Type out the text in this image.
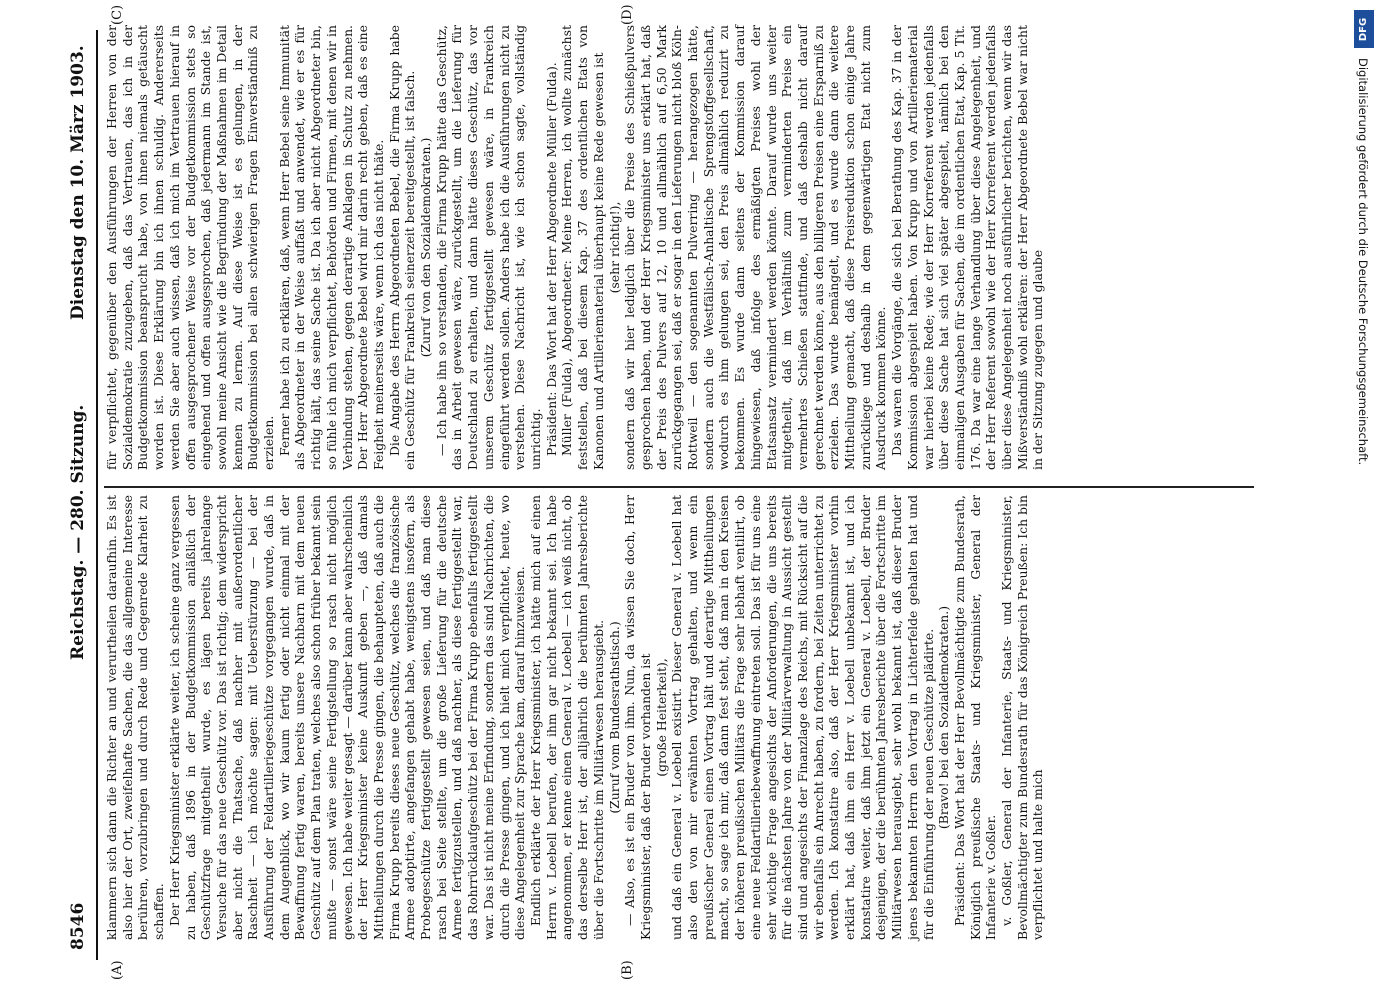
8546
Reichstag. — 280. Sitzung.
Dienstag den 10. März 1903.
(A)	(B)
(C)	(D)

klammern sich dann die Richter an und verurtheilen daraufhin. Es ist also hier der Ort, zweifelhafte Sachen, die das allgemeine Interesse berühren, vorzubringen und durch Rede und Gegenrede Klarheit zu schaffen. Der Herr Kriegsminister erklärte weiter, ich scheine ganz vergessen zu haben, daß 1896 in der Budgetkommission anläßlich der Geschützfrage mitgetheilt wurde, es lägen bereits jahrelange Versuche für das neue Geschütz vor. Das ist richtig; dem widerspricht aber nicht die Thatsache, daß nachher mit außerordentlicher Raschheit — ich möchte sagen: mit Ueberstürzung — bei der Ausführung der Feldartilleriegeschütze vorgegangen wurde, daß in dem Augenblick, wo wir kaum fertig oder nicht einmal mit der Bewaffnung fertig waren, bereits unsere Nachbarn mit dem neuen Geschütz auf dem Plan traten, welches also schon früher bekannt sein mußte — sonst wäre seine Fertigstellung so rasch nicht möglich gewesen. Ich habe weiter gesagt — darüber kann aber wahrscheinlich der Herr Kriegsminister keine Auskunft geben —, daß damals Mittheilungen durch die Presse gingen, die behaupteten, daß auch die Firma Krupp bereits dieses neue Geschütz, welches die französische Armee adoptirte, angefangen gehabt habe, wenigstens insofern, als Probegeschütze fertiggestellt gewesen seien, und daß man diese rasch bei Seite stellte, um die große Lieferung für die deutsche Armee fertigzustellen, und daß nachher, als diese fertiggestellt war, das Rohrrücklaufgeschütz bei der Firma Krupp ebenfalls fertiggestellt war. Das ist nicht meine Erfindung, sondern das sind Nachrichten, die durch die Presse gingen, und ich hielt mich verpflichtet, heute, wo diese Angelegenheit zur Sprache kam, darauf hinzuweisen. Endlich erklärte der Herr Kriegsminister, ich hätte mich auf einen Herrn v. Loebell berufen, der ihm gar nicht bekannt sei. Ich habe angenommen, er kenne einen General v. Loebell — ich weiß nicht, ob das derselbe Herr ist, der alljährlich die berühmten Jahresberichte über die Fortschritte im Militärwesen herausgiebt. (Zuruf vom Bundesrathstisch.) — Also, es ist ein Bruder von ihm. Nun, da wissen Sie doch, Herr Kriegsminister, daß der Bruder vorhanden ist (große Heiterkeit), und daß ein General v. Loebell existirt. Dieser General v. Loebell hat also den von mir erwähnten Vortrag gehalten, und wenn ein preußischer General einen Vortrag hält und derartige Mittheilungen macht, so sage ich mir, daß dann fest steht, daß man in den Kreisen der höheren preußischen Militärs die Frage sehr lebhaft ventilirt, ob eine neue Feldartilleriebewaffnung eintreten soll. Das ist für uns eine sehr wichtige Frage angesichts der Anforderungen, die uns bereits für die nächsten Jahre von der Militärverwaltung in Aussicht gestellt sind und angesichts der Finanzlage des Reichs, mit Rücksicht auf die wir ebenfalls ein Anrecht haben, zu fordern, bei Zeiten unterrichtet zu werden. Ich konstatire also, daß der Herr Kriegsminister vorhin erklärt hat, daß ihm ein Herr v. Loebell unbekannt ist, und ich konstatire weiter, daß ihm jetzt ein General v. Loebell, der Bruder desjenigen, der die berühmten Jahresberichte über die Fortschritte im Militärwesen herausgiebt, sehr wohl bekannt ist, daß dieser Bruder jenes bekannten Herrn den Vortrag in Lichterfelde gehalten hat und für die Einführung der neuen Geschütze plädirte. (Bravo! bei den Sozialdemokraten.) Präsident: Das Wort hat der Herr Bevollmächtigte zum Bundesrath, Königlich preußische Staats- und Kriegsminister, General der Infanterie v. Goßler. v. Goßler, General der Infanterie, Staats- und Kriegsminister, Bevollmächtigter zum Bundesrath für das Königreich Preußen: Ich bin verpflichtet und halte mich

für verpflichtet, gegenüber den Ausführungen der Herren von der Sozialdemokratie zuzugeben, daß das Vertrauen, das ich in der Budgetkommission beansprucht habe, von ihnen niemals getäuscht worden ist. Diese Erklärung bin ich ihnen schuldig. Andererseits werden Sie aber auch wissen, daß ich mich im Vertrauen hierauf in offen ausgesprochener Weise vor der Budgetkommission stets so eingehend und offen ausgesprochen, daß jedermann im Stande ist, sowohl meine Ansicht wie die Begründung der Maßnahmen im Detail kennen zu lernen. Auf diese Weise ist es gelungen, in der Budgetkommission bei allen schwierigen Fragen Einverständniß zu erzielen. Ferner habe ich zu erklären, daß, wenn Herr Bebel seine Immunität als Abgeordneter in der Weise auffaßt und anwendet, wie er es für richtig hält, das seine Sache ist. Da ich aber nicht Abgeordneter bin, so fühle ich mich verpflichtet, Behörden und Firmen, mit denen wir in Verbindung stehen, gegen derartige Anklagen in Schutz zu nehmen. Der Herr Abgeordnete Bebel wird mir darin recht geben, daß es eine Feigheit meinerseits wäre, wenn ich das nicht thäte. Die Angabe des Herrn Abgeordneten Bebel, die Firma Krupp habe ein Geschütz für Frankreich seinerzeit bereitgestellt, ist falsch. (Zuruf von den Sozialdemokraten.) — Ich habe ihn so verstanden, die Firma Krupp hätte das Geschütz, das in Arbeit gewesen wäre, zurückgestellt, um die Lieferung für Deutschland zu erhalten, und dann hätte dieses Geschütz, das vor unserem Geschütz fertiggestellt gewesen wäre, in Frankreich eingeführt werden sollen. Anders habe ich die Ausführungen nicht zu verstehen. Diese Nachricht ist, wie ich schon sagte, vollständig unrichtig. Präsident: Das Wort hat der Herr Abgeordnete Müller (Fulda). Müller (Fulda), Abgeordneter: Meine Herren, ich wollte zunächst feststellen, daß bei diesem Kap. 37 des ordentlichen Etats von Kanonen und Artilleriematerial überhaupt keine Rede gewesen ist (sehr richtig!), sondern daß wir hier lediglich über die Preise des Schießpulvers gesprochen haben, und der Herr Kriegsminister uns erklärt hat, daß der Preis des Pulvers auf 12, 10 und allmählich auf 6,50 Mark zurückgegangen sei, daß er sogar in den Lieferungen nicht bloß Köln-Rottweil — den sogenannten Pulverring — herangezogen hätte, sondern auch die Westfälisch-Anhaltische Sprengstoffgesellschaft, wodurch es ihm gelungen sei, den Preis allmählich reduzirt zu bekommen. Es wurde dann seitens der Kommission darauf hingewiesen, daß infolge des ermäßigten Preises wohl der Etatsansatz vermindert werden könnte. Darauf wurde uns weiter mitgetheilt, daß im Verhältniß zum verminderten Preise ein vermehrtes Schießen stattfinde, und daß deshalb nicht darauf gerechnet werden könne, aus den billigeren Preisen eine Ersparniß zu erzielen. Das wurde bemängelt, und es wurde dann die weitere Mittheilung gemacht, daß diese Preisreduktion schon einige Jahre zurückliege und deshalb in dem gegenwärtigen Etat nicht zum Ausdruck kommen könne. Das waren die Vorgänge, die sich bei Berathung des Kap. 37 in der Kommission abgespielt haben. Von Krupp und von Artilleriematerial war hierbei keine Rede; wie der Herr Korreferent werden jedenfalls über diese Sache hat sich viel später abgespielt, nämlich bei den einmaligen Ausgaben für Sachen, die im ordentlichen Etat, Kap. 5 Tit. 176. Da war eine lange Verhandlung über diese Angelegenheit, und der Herr Referent sowohl wie der Herr Korreferent werden jedenfalls über diese Angelegenheit noch ausführlicher berichten, wenn wir das Mißverständniß wohl erklären: der Herr Abgeordnete Bebel war nicht in der Sitzung zugegen und glaube

DFG
Digitalisierung gefördert durch die Deutsche Forschungsgemeinschaft.
